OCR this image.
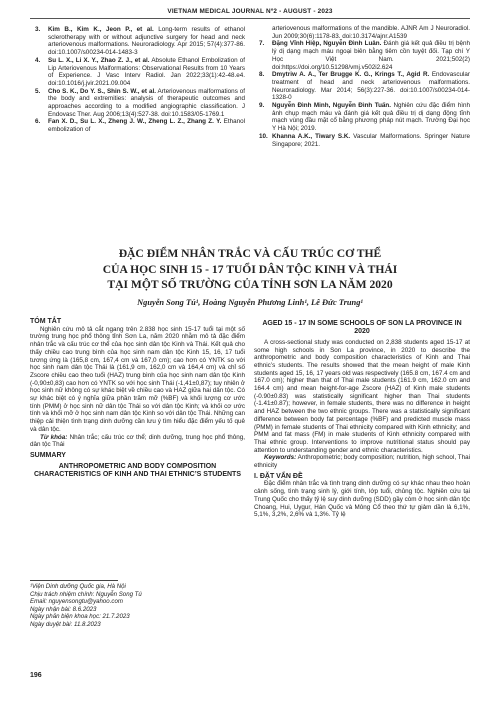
VIETNAM MEDICAL JOURNAL Nº2 - AUGUST - 2023
3.	Kim B., Kim K., Jeon P., et al. Long-term results of ethanol sclerotherapy with or without adjunctive surgery for head and neck arteriovenous malformations. Neuroradiology. Apr 2015; 57(4):377-86. doi:10.1007/s00234-014-1483-3
4.	Su L. X., Li X. Y., Zhao Z. J., et al. Absolute Ethanol Embolization of Lip Arteriovenous Malformations: Observational Results from 10 Years of Experience. J Vasc Interv Radiol. Jan 2022;33(1):42-48.e4. doi:10.1016/j.jvir.2021.09.004
5.	Cho S. K., Do Y. S., Shin S. W., et al. Arteriovenous malformations of the body and extremities: analysis of therapeutic outcomes and approaches according to a modified angiographic classification. J Endovasc Ther. Aug 2006;13(4):527-38. doi:10.1583/05-1769.1
6.	Fan X. D., Su L. X., Zheng J. W., Zheng L. Z., Zhang Z. Y. Ethanol embolization of
arteriovenous malformations of the mandible. AJNR Am J Neuroradiol. Jun 2009;30(6):1178-83. doi:10.3174/ajnr.A1539
7.	Đặng Vĩnh Hiệp, Nguyễn Đình Luân. Đánh giá kết quả điều trị bệnh lý dị dạng mạch máu ngoại biên bằng tiêm cồn tuyệt đối. Tạp chí Y Học Việt Nam. 2021;502(2) doi:https://doi.org/10.51298/vmj.v502i2.624
8.	Dmytriw A. A., Ter Brugge K. G., Krings T., Agid R. Endovascular treatment of head and neck arteriovenous malformations. Neuroradiology. Mar 2014; 56(3):227-36. doi:10.1007/s00234-014-1328-0
9.	Nguyễn Đình Minh, Nguyễn Đình Tuấn. Nghiên cứu đặc điểm hình ảnh chụp mạch máu và đánh giá kết quả điều trị dị dạng động tĩnh mạch vùng đầu mặt cổ bằng phương pháp nút mạch. Trường Đại học Y Hà Nội; 2019.
10. Khanna A.K., Tiwary S.K. Vascular Malformations. Springer Nature Singapore; 2021.
ĐẶC ĐIỂM NHÂN TRẮC VÀ CẤU TRÚC CƠ THỂ
CỦA HỌC SINH 15 - 17 TUỔI DÂN TỘC KINH VÀ THÁI
TẠI MỘT SỐ TRƯỜNG CỦA TỈNH SƠN LA NĂM 2020
Nguyễn Song Tú¹, Hoàng Nguyễn Phương Linh¹, Lê Đức Trung¹

TÓM TẮT

Nghiên cứu mô tả cắt ngang trên 2.838 học sinh 15-17 tuổi tại một số trường trung học phổ thông tỉnh Sơn La, năm 2020 nhằm mô tả đặc điểm nhân trắc và cấu trúc cơ thể của học sinh dân tộc Kinh và Thái. Kết quả cho thấy chiều cao trung bình của học sinh nam dân tộc Kinh 15, 16, 17 tuổi tương ứng là (165,8 cm, 167,4 cm và 167,0 cm); cao hơn có YNTK so với học sinh nam dân tộc Thái là (161,9 cm, 162,0 cm và 164,4 cm) và chỉ số Zscore chiều cao theo tuổi (HAZ) trung bình của học sinh nam dân tộc Kinh (-0,90±0,83) cao hơn có YNTK so với học sinh Thái (-1,41±0,87); tuy nhiên ở học sinh nữ không có sự khác biệt về chiều cao và HAZ giữa hai dân tộc. Có sự khác biệt có ý nghĩa giữa phần trăm mỡ (%BF) và khối lượng cơ ước tính (PMM) ở học sinh nữ dân tộc Thái so với dân tộc Kinh; và khối cơ ước tính và khối mỡ ở học sinh nam dân tộc Kinh so với dân tộc Thái. Những can thiệp cải thiện tình trạng dinh dưỡng cần lưu ý tìm hiểu đặc điểm yếu tố quê và dân tộc.

Từ khóa: Nhân trắc; cấu trúc cơ thể; dinh dưỡng, trung học phổ thông, dân tộc Thái

SUMMARY

ANTHROPOMETRIC AND BODY COMPOSITION CHARACTERISTICS OF KINH AND THAI ETHNIC’S STUDENTS
¹Viện Dinh dưỡng Quốc gia, Hà Nội
Chịu trách nhiệm chính: Nguyễn Song Tú
Email: nguyensongtu@yahoo.com
Ngày nhận bài: 8.6.2023
Ngày phản biện khoa học: 21.7.2023
Ngày duyệt bài: 11.8.2023
196
AGED 15 - 17 IN SOME SCHOOLS OF SON LA PROVINCE IN 2020

A cross-sectional study was conducted on 2,838 students aged 15-17 at some high schools in Son La province, in 2020 to describe the anthropometric and body composition characteristics of Kinh and Thai ethnic’s students. The results showed that the mean height of male Kinh students aged 15, 16, 17 years old was respectively (165.8 cm, 167.4 cm and 167.0 cm); higher than that of Thai male students (161.9 cm, 162.0 cm and 164.4 cm) and mean height-for-age Zscore (HAZ) of Kinh male students (-0.90±0.83) was statistically significant higher than Thai students (-1.41±0.87); however, in female students, there was no difference in height and HAZ between the two ethnic groups. There was a statistically significant difference between body fat percentage (%BF) and predicted muscle mass (PMM) in female students of Thai ethnicity compared with Kinh ethnicity; and PMM and fat mass (FM) in male students of Kinh ethnicity compared with Thai ethnic group. Interventions to improve nutritional status should pay attention to understanding gender and ethnic characteristics.

Keywords: Anthropometric; body composition; nutrition, high school, Thai ethnicity

I. ĐẶT VẤN ĐỀ

Đặc điểm nhân trắc và tình trạng dinh dưỡng có sự khác nhau theo hoàn cảnh sống, tình trạng sinh lý, giới tính, lớp tuổi, chủng tộc. Nghiên cứu tại Trung Quốc cho thấy tỷ lệ suy dinh dưỡng (SDD) gầy còm ở học sinh dân tộc Choang, Hui, Uygur, Hán Quốc và Mông Cổ theo thứ tự giảm dần là 6,1%, 5,1%, 3,2%, 2,6% và 1,3%. Tỷ lệ
